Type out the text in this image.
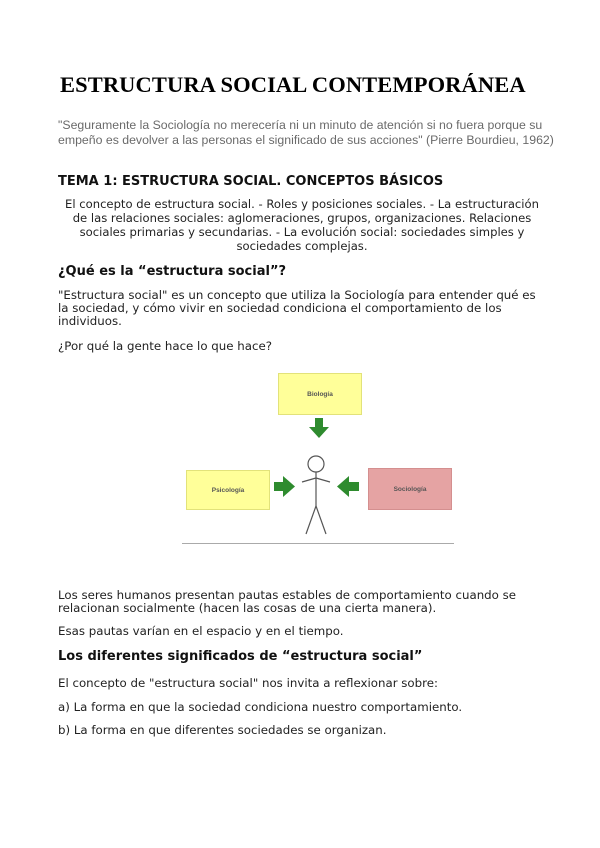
ESTRUCTURA SOCIAL CONTEMPORÁNEA
"Seguramente la Sociología no merecería ni un minuto de atención si no fuera porque su empeño es devolver a las personas el significado de sus acciones" (Pierre Bourdieu, 1962)
TEMA 1: ESTRUCTURA SOCIAL. CONCEPTOS BÁSICOS
El concepto de estructura social. - Roles y posiciones sociales. - La estructuración de las relaciones sociales: aglomeraciones, grupos, organizaciones. Relaciones sociales primarias y secundarias. - La evolución social: sociedades simples y sociedades complejas.
¿Qué es la “estructura social”?
"Estructura social" es un concepto que utiliza la Sociología para entender qué es la sociedad, y cómo vivir en sociedad condiciona el comportamiento de los individuos.
¿Por qué la gente hace lo que hace?
Biología
Psicología	Sociología
Los seres humanos presentan pautas estables de comportamiento cuando se relacionan socialmente (hacen las cosas de una cierta manera).
Esas pautas varían en el espacio y en el tiempo.
Los diferentes significados de “estructura social”
El concepto de "estructura social" nos invita a reflexionar sobre:
a) La forma en que la sociedad condiciona nuestro comportamiento.
b) La forma en que diferentes sociedades se organizan.
